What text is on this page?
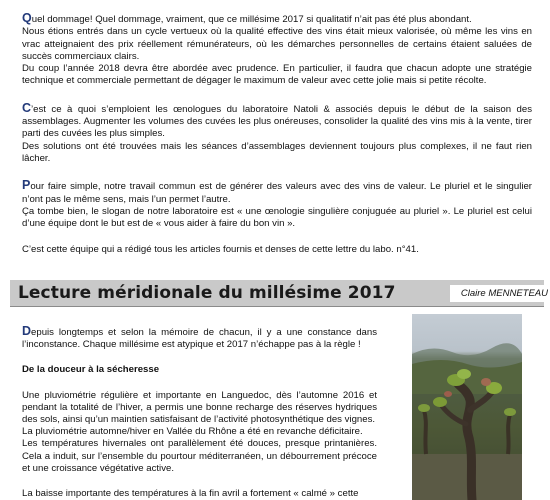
Quel dommage! Quel dommage, vraiment, que ce millésime 2017 si qualitatif n’ait pas été plus abondant.

Nous étions entrés dans un cycle vertueux où la qualité effective des vins était mieux valorisée, où même les vins en vrac atteignaient des prix réellement rémunérateurs, où les démarches personnelles de certains étaient saluées de succès commerciaux clairs.

Du coup l’année 2018 devra être abordée avec prudence. En particulier, il faudra que chacun adopte une stratégie technique et commerciale permettant de dégager le maximum de valeur avec cette jolie mais si petite récolte.

C’est ce à quoi s’emploient les œnologues du laboratoire Natoli & associés depuis le début de la saison des assemblages. Augmenter les volumes des cuvées les plus onéreuses, consolider la qualité des vins mis à la vente, tirer parti des cuvées les plus simples.

Des solutions ont été trouvées mais les séances d’assemblages deviennent toujours plus complexes, il ne faut rien lâcher.

Pour faire simple, notre travail commun est de générer des valeurs avec des vins de valeur. Le pluriel et le singulier n’ont pas le même sens, mais l’un permet l’autre.

Ça tombe bien, le slogan de notre laboratoire est « une œnologie singulière conjuguée au pluriel ». Le pluriel est celui d’une équipe dont le but est de « vous aider à faire du bon vin ».

C’est cette équipe qui a rédigé tous les articles fournis et denses de cette lettre du labo. n°41.

Lecture méridionale du millésime 2017	Claire MENNETEAU

Depuis longtemps et selon la mémoire de chacun, il y a une constance dans l’inconstance. Chaque millésime est atypique et 2017 n’échappe pas à la règle !

De la douceur à la sécheresse

Une pluviométrie régulière et importante en Languedoc, dès l’automne 2016 et pendant la totalité de l’hiver, a permis une bonne recharge des réserves hydriques des sols, ainsi qu’un maintien satisfaisant de l’activité photosynthétique des vignes.

La pluviométrie automne/hiver en Vallée du Rhône a été en revanche déficitaire.

Les températures hivernales ont parallèlement été douces, presque printanières. Cela a induit, sur l’ensemble du pourtour méditerranéen, un débourrement précoce et une croissance végétative active.

La baisse importante des températures à la fin avril a fortement « calmé » cette
